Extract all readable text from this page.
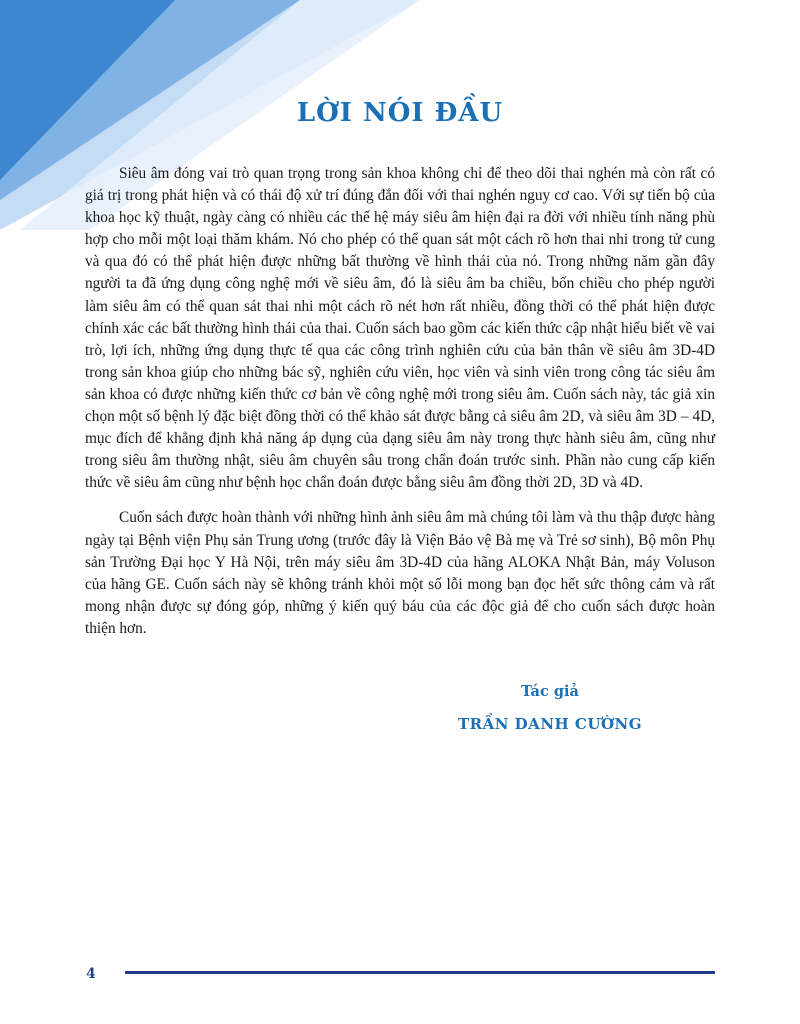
LỜI NÓI ĐẦU

Siêu âm đóng vai trò quan trọng trong sản khoa không chỉ để theo dõi thai nghén mà còn rất có giá trị trong phát hiện và có thái độ xử trí đúng đắn đối với thai nghén nguy cơ cao. Với sự tiến bộ của khoa học kỹ thuật, ngày càng có nhiều các thế hệ máy siêu âm hiện đại ra đời với nhiều tính năng phù hợp cho mỗi một loại thăm khám. Nó cho phép có thể quan sát một cách rõ hơn thai nhi trong tử cung và qua đó có thể phát hiện được những bất thường về hình thái của nó. Trong những năm gần đây người ta đã ứng dụng công nghệ mới về siêu âm, đó là siêu âm ba chiều, bốn chiều cho phép người làm siêu âm có thể quan sát thai nhi một cách rõ nét hơn rất nhiều, đồng thời có thể phát hiện được chính xác các bất thường hình thái của thai. Cuốn sách bao gồm các kiến thức cập nhật hiểu biết về vai trò, lợi ích, những ứng dụng thực tế qua các công trình nghiên cứu của bản thân về siêu âm 3D-4D trong sản khoa giúp cho những bác sỹ, nghiên cứu viên, học viên và sinh viên trong công tác siêu âm sản khoa có được những kiến thức cơ bản về công nghệ mới trong siêu âm. Cuốn sách này, tác giả xin chọn một số bệnh lý đặc biệt đồng thời có thể khảo sát được bằng cả siêu âm 2D, và siêu âm 3D – 4D, mục đích để khẳng định khả năng áp dụng của dạng siêu âm này trong thực hành siêu âm, cũng như trong siêu âm thường nhật, siêu âm chuyên sâu trong chẩn đoán trước sinh. Phần nào cung cấp kiến thức về siêu âm cũng như bệnh học chẩn đoán được bằng siêu âm đồng thời 2D, 3D và 4D.

Cuốn sách được hoàn thành với những hình ảnh siêu âm mà chúng tôi làm và thu thập được hàng ngày tại Bệnh viện Phụ sản Trung ương (trước đây là Viện Bảo vệ Bà mẹ và Trẻ sơ sinh), Bộ môn Phụ sản Trường Đại học Y Hà Nội, trên máy siêu âm 3D-4D của hãng ALOKA Nhật Bản, máy Voluson của hãng GE. Cuốn sách này sẽ không tránh khỏi một số lỗi mong bạn đọc hết sức thông cảm và rất mong nhận được sự đóng góp, những ý kiến quý báu của các độc giả để cho cuốn sách được hoàn thiện hơn.

Tác giả
TRẦN DANH CƯỜNG
4
